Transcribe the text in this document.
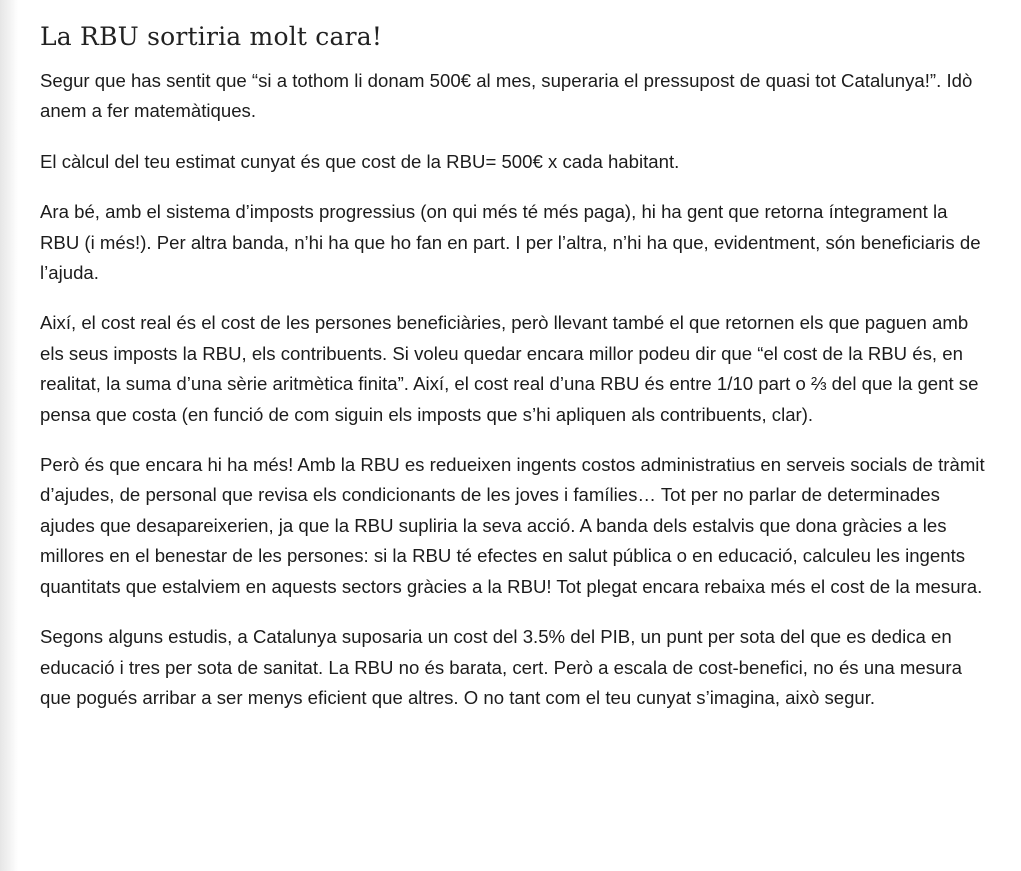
La RBU sortiria molt cara!

Segur que has sentit que “si a tothom li donam 500€ al mes, superaria el pressupost de quasi tot Catalunya!”. Idò anem a fer matemàtiques.

El càlcul del teu estimat cunyat és que cost de la RBU= 500€ x cada habitant.

Ara bé, amb el sistema d’imposts progressius (on qui més té més paga), hi ha gent que retorna íntegrament la RBU (i més!). Per altra banda, n’hi ha que ho fan en part. I per l’altra, n’hi ha que, evidentment, són beneficiaris de l’ajuda.

Així, el cost real és el cost de les persones beneficiàries, però llevant també el que retornen els que paguen amb els seus imposts la RBU, els contribuents. Si voleu quedar encara millor podeu dir que “el cost de la RBU és, en realitat, la suma d’una sèrie aritmètica finita”. Així, el cost real d’una RBU és entre 1/10 part o ⅔ del que la gent se pensa que costa (en funció de com siguin els imposts que s’hi apliquen als contribuents, clar).

Però és que encara hi ha més! Amb la RBU es redueixen ingents costos administratius en serveis socials de tràmit d’ajudes, de personal que revisa els condicionants de les joves i famílies… Tot per no parlar de determinades ajudes que desapareixerien, ja que la RBU supliria la seva acció. A banda dels estalvis que dona gràcies a les millores en el benestar de les persones: si la RBU té efectes en salut pública o en educació, calculeu les ingents quantitats que estalviem en aquests sectors gràcies a la RBU! Tot plegat encara rebaixa més el cost de la mesura.

Segons alguns estudis, a Catalunya suposaria un cost del 3.5% del PIB, un punt per sota del que es dedica en educació i tres per sota de sanitat. La RBU no és barata, cert. Però a escala de cost-benefici, no és una mesura que pogués arribar a ser menys eficient que altres. O no tant com el teu cunyat s’imagina, això segur.
